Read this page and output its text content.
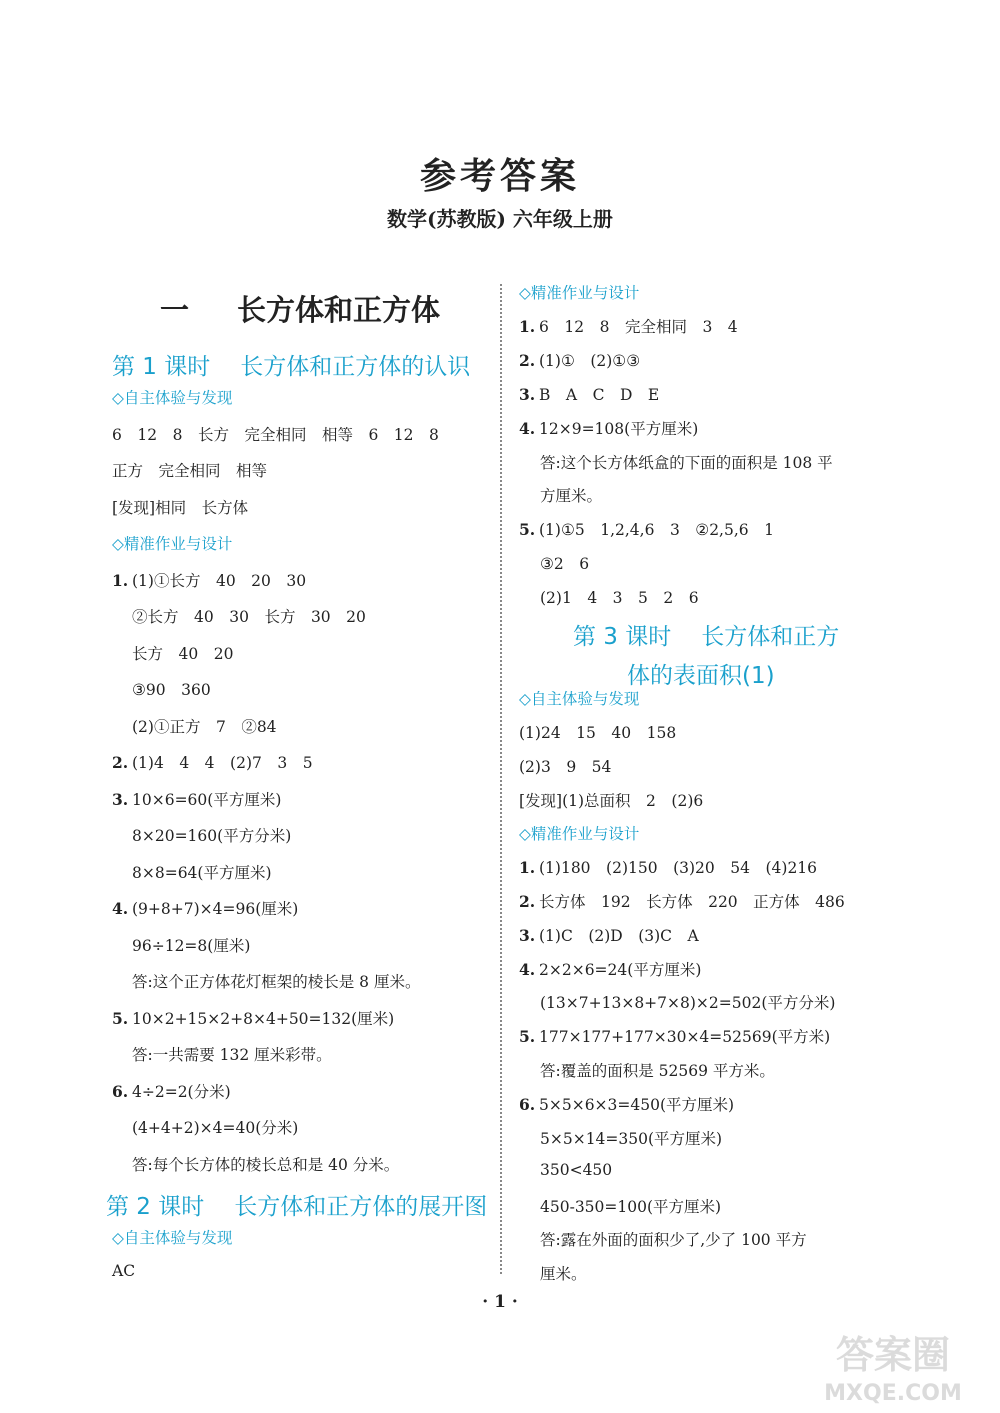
参考答案
数学(苏教版) 六年级上册
一 长方体和正方体
第 1 课时 长方体和正方体的认识
◇自主体验与发现
6　12　8　长方　完全相同　相等　6　12　8
正方　完全相同　相等
[发现]相同　长方体
◇精准作业与设计
1. (1)①长方　40　20　30
②长方　40　30　长方　30　20
长方　40　20
③90　360
(2)①正方　7　②84
2. (1)4　4　4　(2)7　3　5
3. 10×6=60(平方厘米)
8×20=160(平方分米)
8×8=64(平方厘米)
4. (9+8+7)×4=96(厘米)
96÷12=8(厘米)
答:这个正方体花灯框架的棱长是 8 厘米。
5. 10×2+15×2+8×4+50=132(厘米)
答:一共需要 132 厘米彩带。
6. 4÷2=2(分米)
(4+4+2)×4=40(分米)
答:每个长方体的棱长总和是 40 分米。
第 2 课时 长方体和正方体的展开图
◇自主体验与发现
AC
◇精准作业与设计
1. 6　12　8　完全相同　3　4
2. (1)①　(2)①③
3. B　A　C　D　E
4. 12×9=108(平方厘米)
答:这个长方体纸盒的下面的面积是 108 平
方厘米。
5. (1)①5　1,2,4,6　3　②2,5,6　1
③2　6
(2)1　4　3　5　2　6
第 3 课时 长方体和正方
体的表面积(1)
◇自主体验与发现
(1)24　15　40　158
(2)3　9　54
[发现](1)总面积　2　(2)6
◇精准作业与设计
1. (1)180　(2)150　(3)20　54　(4)216
2. 长方体　192　长方体　220　正方体　486
3. (1)C　(2)D　(3)C　A
4. 2×2×6=24(平方厘米)
(13×7+13×8+7×8)×2=502(平方分米)
5. 177×177+177×30×4=52569(平方米)
答:覆盖的面积是 52569 平方米。
6. 5×5×6×3=450(平方厘米)
5×5×14=350(平方厘米)
350<450
450-350=100(平方厘米)
答:露在外面的面积少了,少了 100 平方
厘米。
· 1 ·
答案圈
MXQE.COM
